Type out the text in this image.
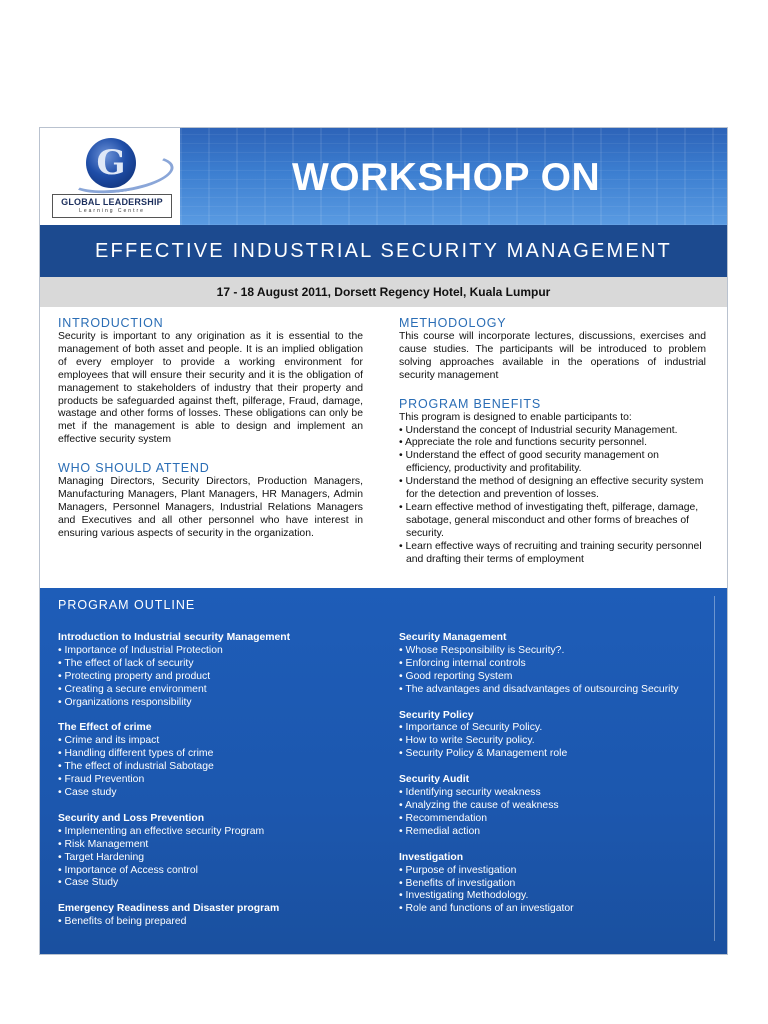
G
GLOBAL LEADERSHIP
Learning Centre
WORKSHOP ON
EFFECTIVE INDUSTRIAL SECURITY MANAGEMENT
17 - 18 August 2011, Dorsett Regency Hotel, Kuala Lumpur
INTRODUCTION

Security is important to any origination as it is essential to the management of both asset and people. It is an implied obligation of every employer to provide a working environment for employees that will ensure their security and it is the obligation of management to stakeholders of industry that their property and products be safeguarded against theft, pilferage, Fraud, damage, wastage and other forms of losses. These obligations can only be met if the management is able to design and implement an effective security system

WHO SHOULD ATTEND

Managing Directors, Security Directors, Production Managers, Manufacturing Managers, Plant Managers, HR Managers, Admin Managers, Personnel Managers, Industrial Relations Managers and Executives and all other personnel who have interest in ensuring various aspects of security in the organization.

METHODOLOGY

This course will incorporate lectures, discussions, exercises and cause studies. The participants will be introduced to problem solving approaches available in the operations of industrial security management

PROGRAM BENEFITS
This program is designed to enable participants to:
• Understand the concept of Industrial security Management.
• Appreciate the role and functions security personnel.
• Understand the effect of good security management on efficiency, productivity and profitability.
• Understand the method of designing an effective security system for the detection and prevention of losses.
• Learn effective method of investigating theft, pilferage, damage, sabotage, general misconduct and other forms of breaches of security.
• Learn effective ways of recruiting and training security personnel and drafting their terms of employment
PROGRAM OUTLINE
Introduction to Industrial security Management
• Importance of Industrial Protection
• The effect of lack of security
• Protecting property and product
• Creating a secure environment
• Organizations responsibility
The Effect of crime
• Crime and its impact
• Handling different types of crime
• The effect of industrial Sabotage
• Fraud Prevention
• Case study
Security and Loss Prevention
• Implementing an effective security Program
• Risk Management
• Target Hardening
• Importance of Access control
• Case Study
Emergency Readiness and Disaster program
• Benefits of being prepared
Security Management
• Whose Responsibility is Security?.
• Enforcing internal controls
• Good reporting System
• The advantages and disadvantages of outsourcing Security
Security Policy
• Importance of Security Policy.
• How to write Security policy.
• Security Policy & Management role
Security Audit
• Identifying security weakness
• Analyzing the cause of weakness
• Recommendation
• Remedial action
Investigation
• Purpose of investigation
• Benefits of investigation
• Investigating Methodology.
• Role and functions of an investigator
